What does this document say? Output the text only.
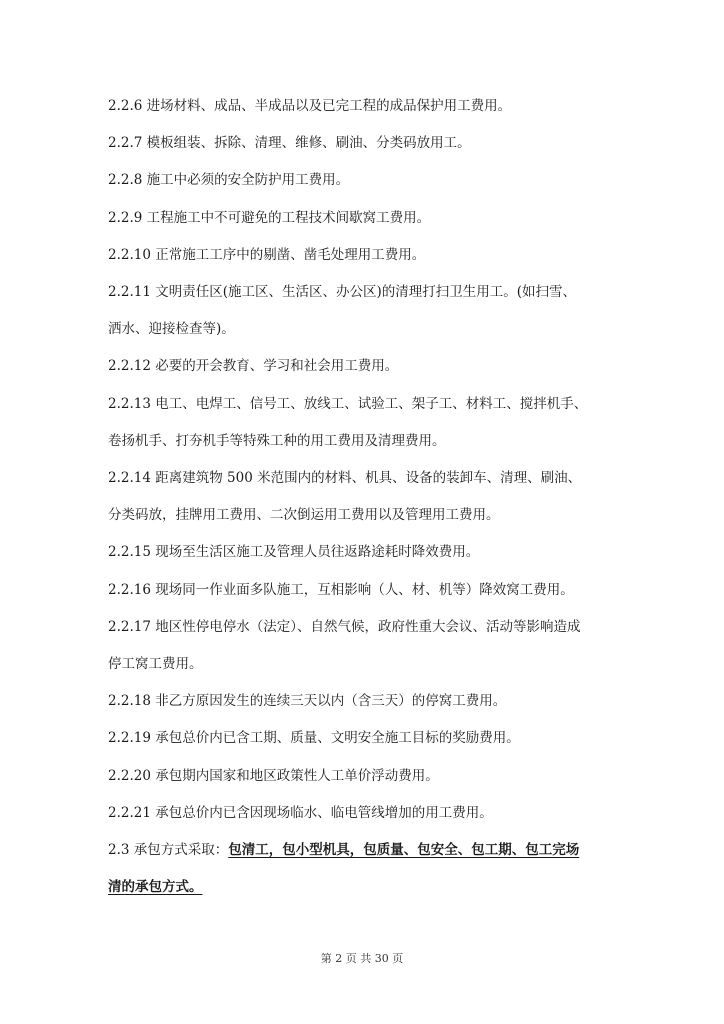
2.2.6 进场材料、成品、半成品以及已完工程的成品保护用工费用。
2.2.7 模板组装、拆除、清理、维修、刷油、分类码放用工。
2.2.8 施工中必须的安全防护用工费用。
2.2.9 工程施工中不可避免的工程技术间歇窝工费用。
2.2.10 正常施工工序中的剔凿、凿毛处理用工费用。
2.2.11 文明责任区(施工区、生活区、办公区)的清理打扫卫生用工。(如扫雪、
洒水、迎接检查等)。
2.2.12 必要的开会教育、学习和社会用工费用。
2.2.13 电工、电焊工、信号工、放线工、试验工、架子工、材料工、搅拌机手、
卷扬机手、打夯机手等特殊工种的用工费用及清理费用。
2.2.14 距离建筑物 500 米范围内的材料、机具、设备的装卸车、清理、刷油、
分类码放，挂牌用工费用、二次倒运用工费用以及管理用工费用。
2.2.15 现场至生活区施工及管理人员往返路途耗时降效费用。
2.2.16 现场同一作业面多队施工，互相影响（人、材、机等）降效窝工费用。
2.2.17 地区性停电停水（法定）、自然气候，政府性重大会议、活动等影响造成
停工窝工费用。
2.2.18 非乙方原因发生的连续三天以内（含三天）的停窝工费用。
2.2.19 承包总价内已含工期、质量、文明安全施工目标的奖励费用。
2.2.20 承包期内国家和地区政策性人工单价浮动费用。
2.2.21 承包总价内已含因现场临水、临电管线增加的用工费用。
2.3 承包方式采取：包清工，包小型机具，包质量、包安全、包工期、包工完场
清的承包方式。
第 2 页 共 30 页
